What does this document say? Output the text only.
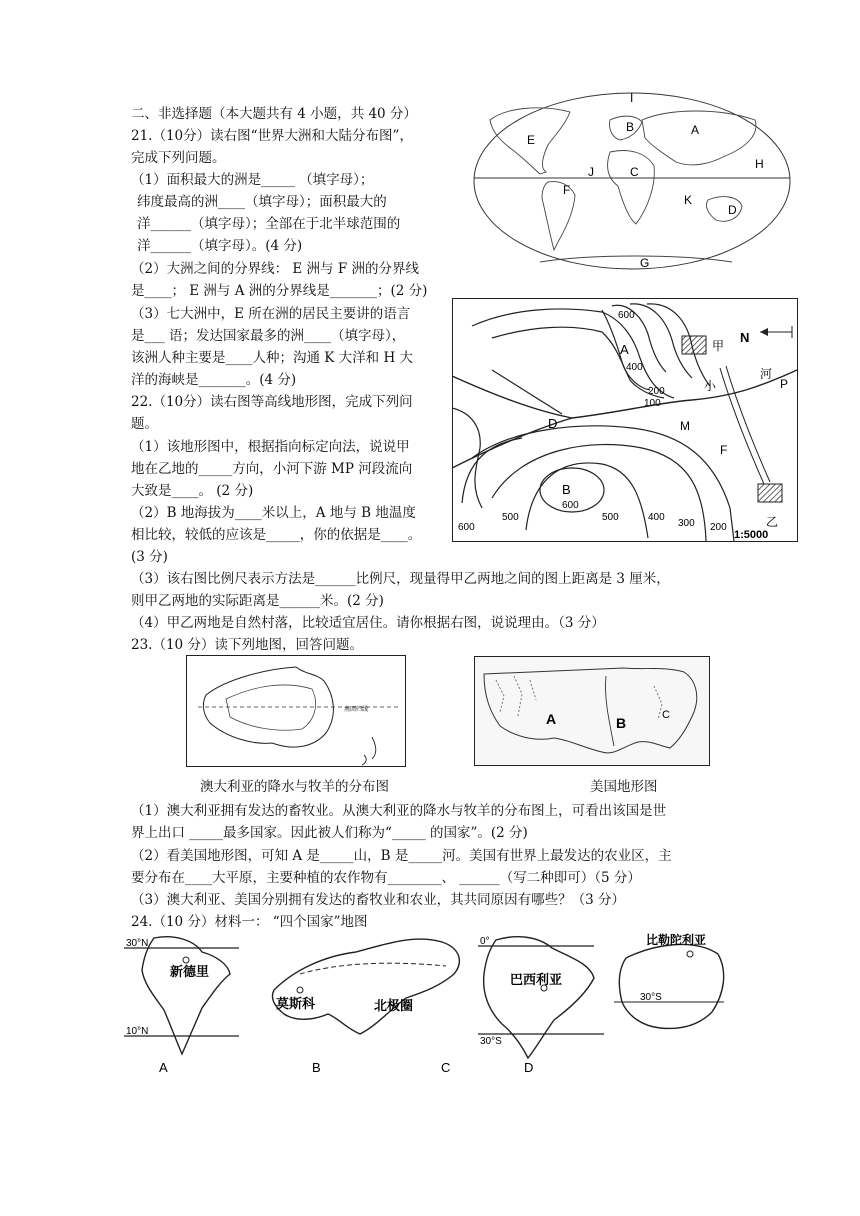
二、非选择题（本大题共有 4 小题，共 40 分）
21.（10分）读右图“世界大洲和大陆分布图”，
完成下列问题。
（1）面积最大的洲是_____ （填字母）；
纬度最高的洲____（填字母）；面积最大的
洋______（填字母）；全部在于北半球范围的
洋______（填字母）。(4 分)
（2）大洲之间的分界线： E 洲与 F 洲的分界线
是____； E 洲与 A 洲的分界线是_______；(2 分)
（3）七大洲中，E 所在洲的居民主要讲的语言
是___ 语；发达国家最多的洲____（填字母），
该洲人种主要是____人种；沟通 K 大洋和 H 大
洋的海峡是_______。(4 分)
22.（10分）读右图等高线地形图，完成下列问
题。
（1）该地形图中，根据指向标定向法，说说甲
地在乙地的_____方向，小河下游 MP 河段流向
大致是____。 (2 分)
（2）B 地海拔为____米以上，A 地与 B 地温度
相比较，较低的应该是_____，你的依据是____。
(3 分)
（3）该右图比例尺表示方法是______比例尺，现量得甲乙两地之间的图上距离是 3 厘米，
则甲乙两地的实际距离是______米。(2 分)
（4）甲乙两地是自然村落，比较适宜居住。请你根据右图，说说理由。（3 分）
23.（10 分）读下列地图，回答问题。
澳大利亚的降水与牧羊的分布图	美国地形图
（1）澳大利亚拥有发达的畜牧业。从澳大利亚的降水与牧羊的分布图上，可看出该国是世
界上出口 _____最多国家。因此被人们称为“_____ 的国家”。(2 分)
（2）看美国地形图，可知 A 是_____山，B 是_____河。美国有世界上最发达的农业区，主
要分布在____大平原，主要种植的农作物有________、 ______（写二种即可）（5 分）
（3）澳大利亚、美国分别拥有发达的畜牧业和农业，其共同原因有哪些？（3 分）
24.（10 分）材料一： “四个国家”地图
I
B	A
E
H
J	C
F
K
D
G
N
河
小
甲
乙
A
B
D	M
F
P
600
400
200
100
600
500	400
300 200
600
500
1:5000
南回归线
A	B	C
30°N
10°N
新德里
莫斯科	北极圈
0°
30°S
巴西利亚
比勒陀利亚
30°S
A	B	C	D
